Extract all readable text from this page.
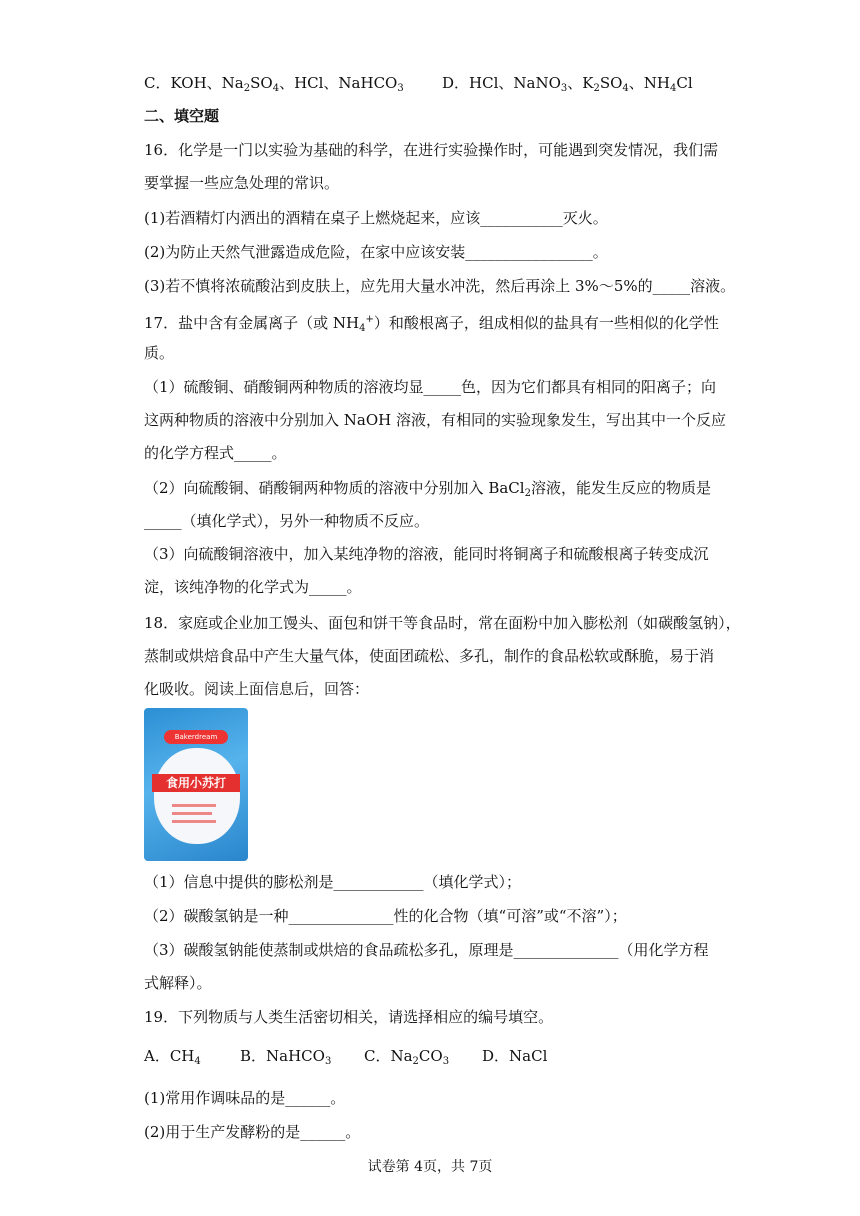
C．KOH、$Na_2SO_4$、HCl、NaHCO$_3$	D．HCl、NaNO$_3$、$K_2SO_4$、$NH_4Cl$
二、填空题
16．化学是一门以实验为基础的科学，在进行实验操作时，可能遇到突发情况，我们需
要掌握一些应急处理的常识。
(1)若酒精灯内洒出的酒精在桌子上燃烧起来，应该___________灭火。
(2)为防止天然气泄露造成危险，在家中应该安装_________________。
(3)若不慎将浓硫酸沾到皮肤上，应先用大量水冲洗，然后再涂上 3%～5%的_____溶液。
17．盐中含有金属离子（或 $NH_4^+$）和酸根离子，组成相似的盐具有一些相似的化学性
质。
（1）硫酸铜、硝酸铜两种物质的溶液均显_____色，因为它们都具有相同的阳离子；向
这两种物质的溶液中分别加入 NaOH 溶液，有相同的实验现象发生，写出其中一个反应
的化学方程式_____。
（2）向硫酸铜、硝酸铜两种物质的溶液中分别加入 BaCl$_2$溶液，能发生反应的物质是
_____（填化学式），另外一种物质不反应。
（3）向硫酸铜溶液中，加入某纯净物的溶液，能同时将铜离子和硫酸根离子转变成沉
淀，该纯净物的化学式为_____。
18．家庭或企业加工馒头、面包和饼干等食品时，常在面粉中加入膨松剂（如碳酸氢钠），
蒸制或烘焙食品中产生大量气体，使面团疏松、多孔，制作的食品松软或酥脆，易于消
化吸收。阅读上面信息后，回答：
Bakerdream
食用小苏打
（1）信息中提供的膨松剂是____________（填化学式）；
（2）碳酸氢钠是一种______________性的化合物（填“可溶”或“不溶”）；
（3）碳酸氢钠能使蒸制或烘焙的食品疏松多孔，原理是______________（用化学方程
式解释）。
19．下列物质与人类生活密切相关，请选择相应的编号填空。
A．$CH_4$	B．NaHCO$_3$ C．$Na_2CO_3$ D．NaCl
(1)常用作调味品的是______。
(2)用于生产发酵粉的是______。
试卷第 4页，共 7页
